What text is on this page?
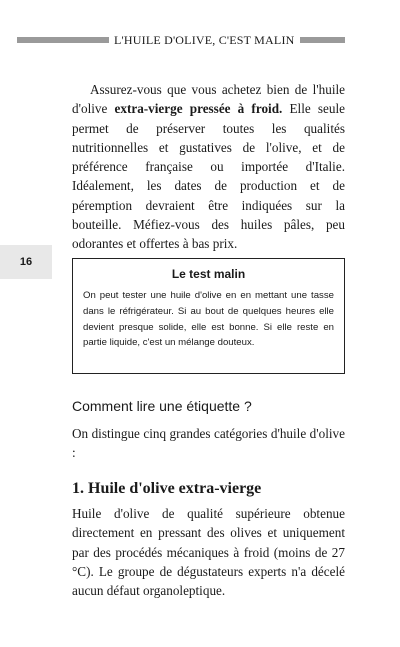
L'HUILE D'OLIVE, C'EST MALIN
16

Assurez-vous que vous achetez bien de l'huile d'olive extra-vierge pressée à froid. Elle seule permet de préserver toutes les qualités nutritionnelles et gustatives de l'olive, et de préférence française ou importée d'Italie. Idéalement, les dates de production et de péremption devraient être indiquées sur la bouteille. Méfiez-vous des huiles pâles, peu odorantes et offertes à bas prix.

Le test malin

On peut tester une huile d'olive en en mettant une tasse dans le réfrigérateur. Si au bout de quelques heures elle devient presque solide, elle est bonne. Si elle reste en partie liquide, c'est un mélange douteux.

Comment lire une étiquette ?

On distingue cinq grandes catégories d'huile d'olive :

1. Huile d'olive extra-vierge

Huile d'olive de qualité supérieure obtenue directement en pressant des olives et uniquement par des procédés mécaniques à froid (moins de 27 °C). Le groupe de dégustateurs experts n'a décelé aucun défaut organoleptique.
